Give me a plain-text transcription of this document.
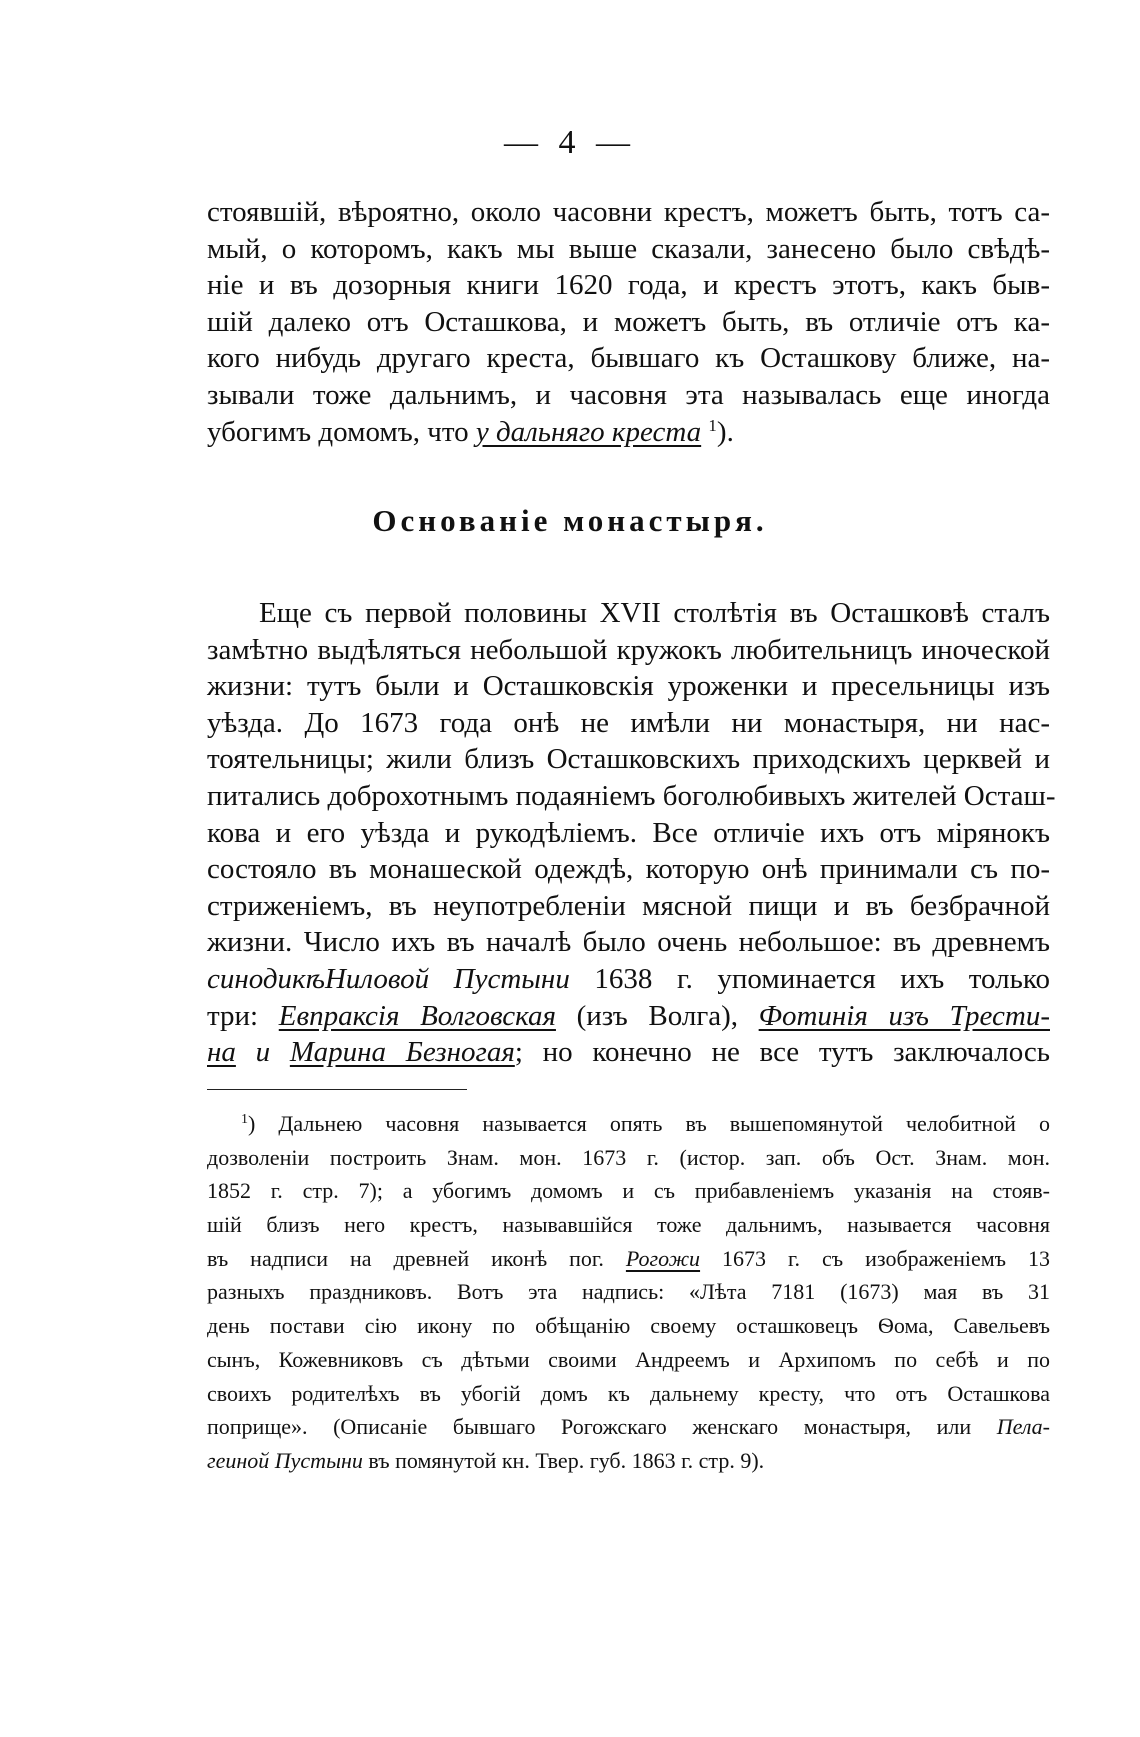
— 4 —
стоявшій, вѣроятно, около часовни крестъ, можетъ быть, тотъ са-
мый, о которомъ, какъ мы выше сказали, занесено было свѣдѣ-
ніе и въ дозорныя книги 1620 года, и крестъ этотъ, какъ быв-
шій далеко отъ Осташкова, и можетъ быть, въ отличіе отъ ка-
кого нибудь другаго креста, бывшаго къ Осташкову ближе, на-
зывали тоже дальнимъ, и часовня эта называлась еще иногда
убогимъ домомъ, что у дальняго креста $^1$).
Основаніе монастыря.
Еще съ первой половины XVII столѣтія въ Осташковѣ сталъ
замѣтно выдѣляться небольшой кружокъ любительницъ иноческой
жизни: тутъ были и Осташковскія уроженки и пресельницы изъ
уѣзда. До 1673 года онѣ не имѣли ни монастыря, ни нас-
тоятельницы; жили близъ Осташковскихъ приходскихъ церквей и
питались доброхотнымъ подаяніемъ боголюбивыхъ жителей Осташ-
кова и его уѣзда и рукодѣліемъ. Все отличіе ихъ отъ мірянокъ
состояло въ монашеской одеждѣ, которую онѣ принимали съ по-
стриженіемъ, въ неупотребленіи мясной пищи и въ безбрачной
жизни. Число ихъ въ началѣ было очень небольшое: въ древнемъ
синодикѣНиловой Пустыни 1638 г. упоминается ихъ только
три: Евпраксія Волговская (изъ Волга), Фотинія изъ Трести-
на и Марина Безногая; но конечно не все тутъ заключалось
$^1$) Дальнею часовня называется опять въ вышепомянутой челобитной о
дозволеніи построить Знам. мон. 1673 г. (истор. зап. объ Ост. Знам. мон.
1852 г. стр. 7); а убогимъ домомъ и съ прибавленіемъ указанія на стояв-
шій близъ него крестъ, называвшійся тоже дальнимъ, называется часовня
въ надписи на древней иконѣ пог. Рогожи 1673 г. съ изображеніемъ 13
разныхъ праздниковъ. Вотъ эта надпись: «Лѣта 7181 (1673) мая въ 31
день постави сію икону по обѣщанію своему осташковецъ Ѳома, Савельевъ
сынъ, Кожевниковъ съ дѣтьми своими Андреемъ и Архипомъ по себѣ и по
своихъ родителѣхъ въ убогій домъ къ дальнему кресту, что отъ Осташкова
поприще». (Описаніе бывшаго Рогожскаго женскаго монастыря, или Пела-
геиной Пустыни въ помянутой кн. Твер. губ. 1863 г. стр. 9).
